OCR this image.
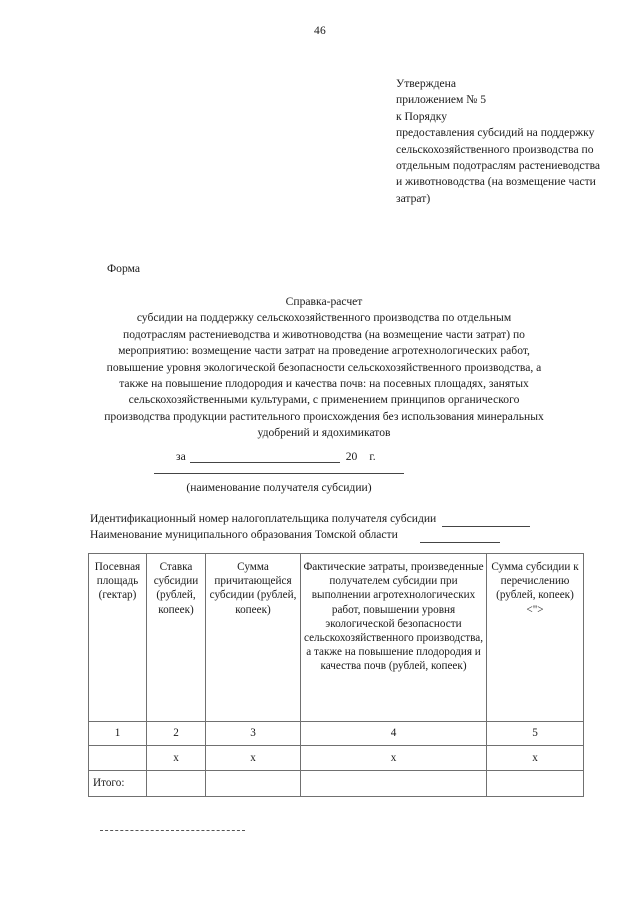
46
Утверждена
приложением № 5
к Порядку
предоставления субсидий на поддержку сельскохозяйственного производства по отдельным подотраслям растениеводства и животноводства (на возмещение части затрат)
Форма
Справка-расчет
субсидии на поддержку сельскохозяйственного производства по отдельным подотраслям растениеводства и животноводства (на возмещение части затрат) по мероприятию: возмещение части затрат на проведение агротехнологических работ, повышение уровня экологической безопасности сельскохозяйственного производства, а также на повышение плодородия и качества почв: на посевных площадях, занятых сельскохозяйственными культурами, с применением принципов органического производства продукции растительного происхождения без использования минеральных удобрений и ядохимикатов
за	20 г.
(наименование получателя субсидии)
Идентификационный номер налогоплательщика получателя субсидии
Наименование муниципального образования Томской области
Посевная площадь (гектар)	Ставка субсидии (рублей, копеек)	Сумма причитающейся субсидии (рублей, копеек)	Фактические затраты, произведенные получателем субсидии при выполнении агротехнологических работ, повышении уровня экологической безопасности сельскохозяйственного производства, а также на повышение плодородия и качества почв (рублей, копеек)	Сумма субсидии к перечислению (рублей, копеек) <">
1	2	3	4	5
	x	x	x	x
Итого:				
